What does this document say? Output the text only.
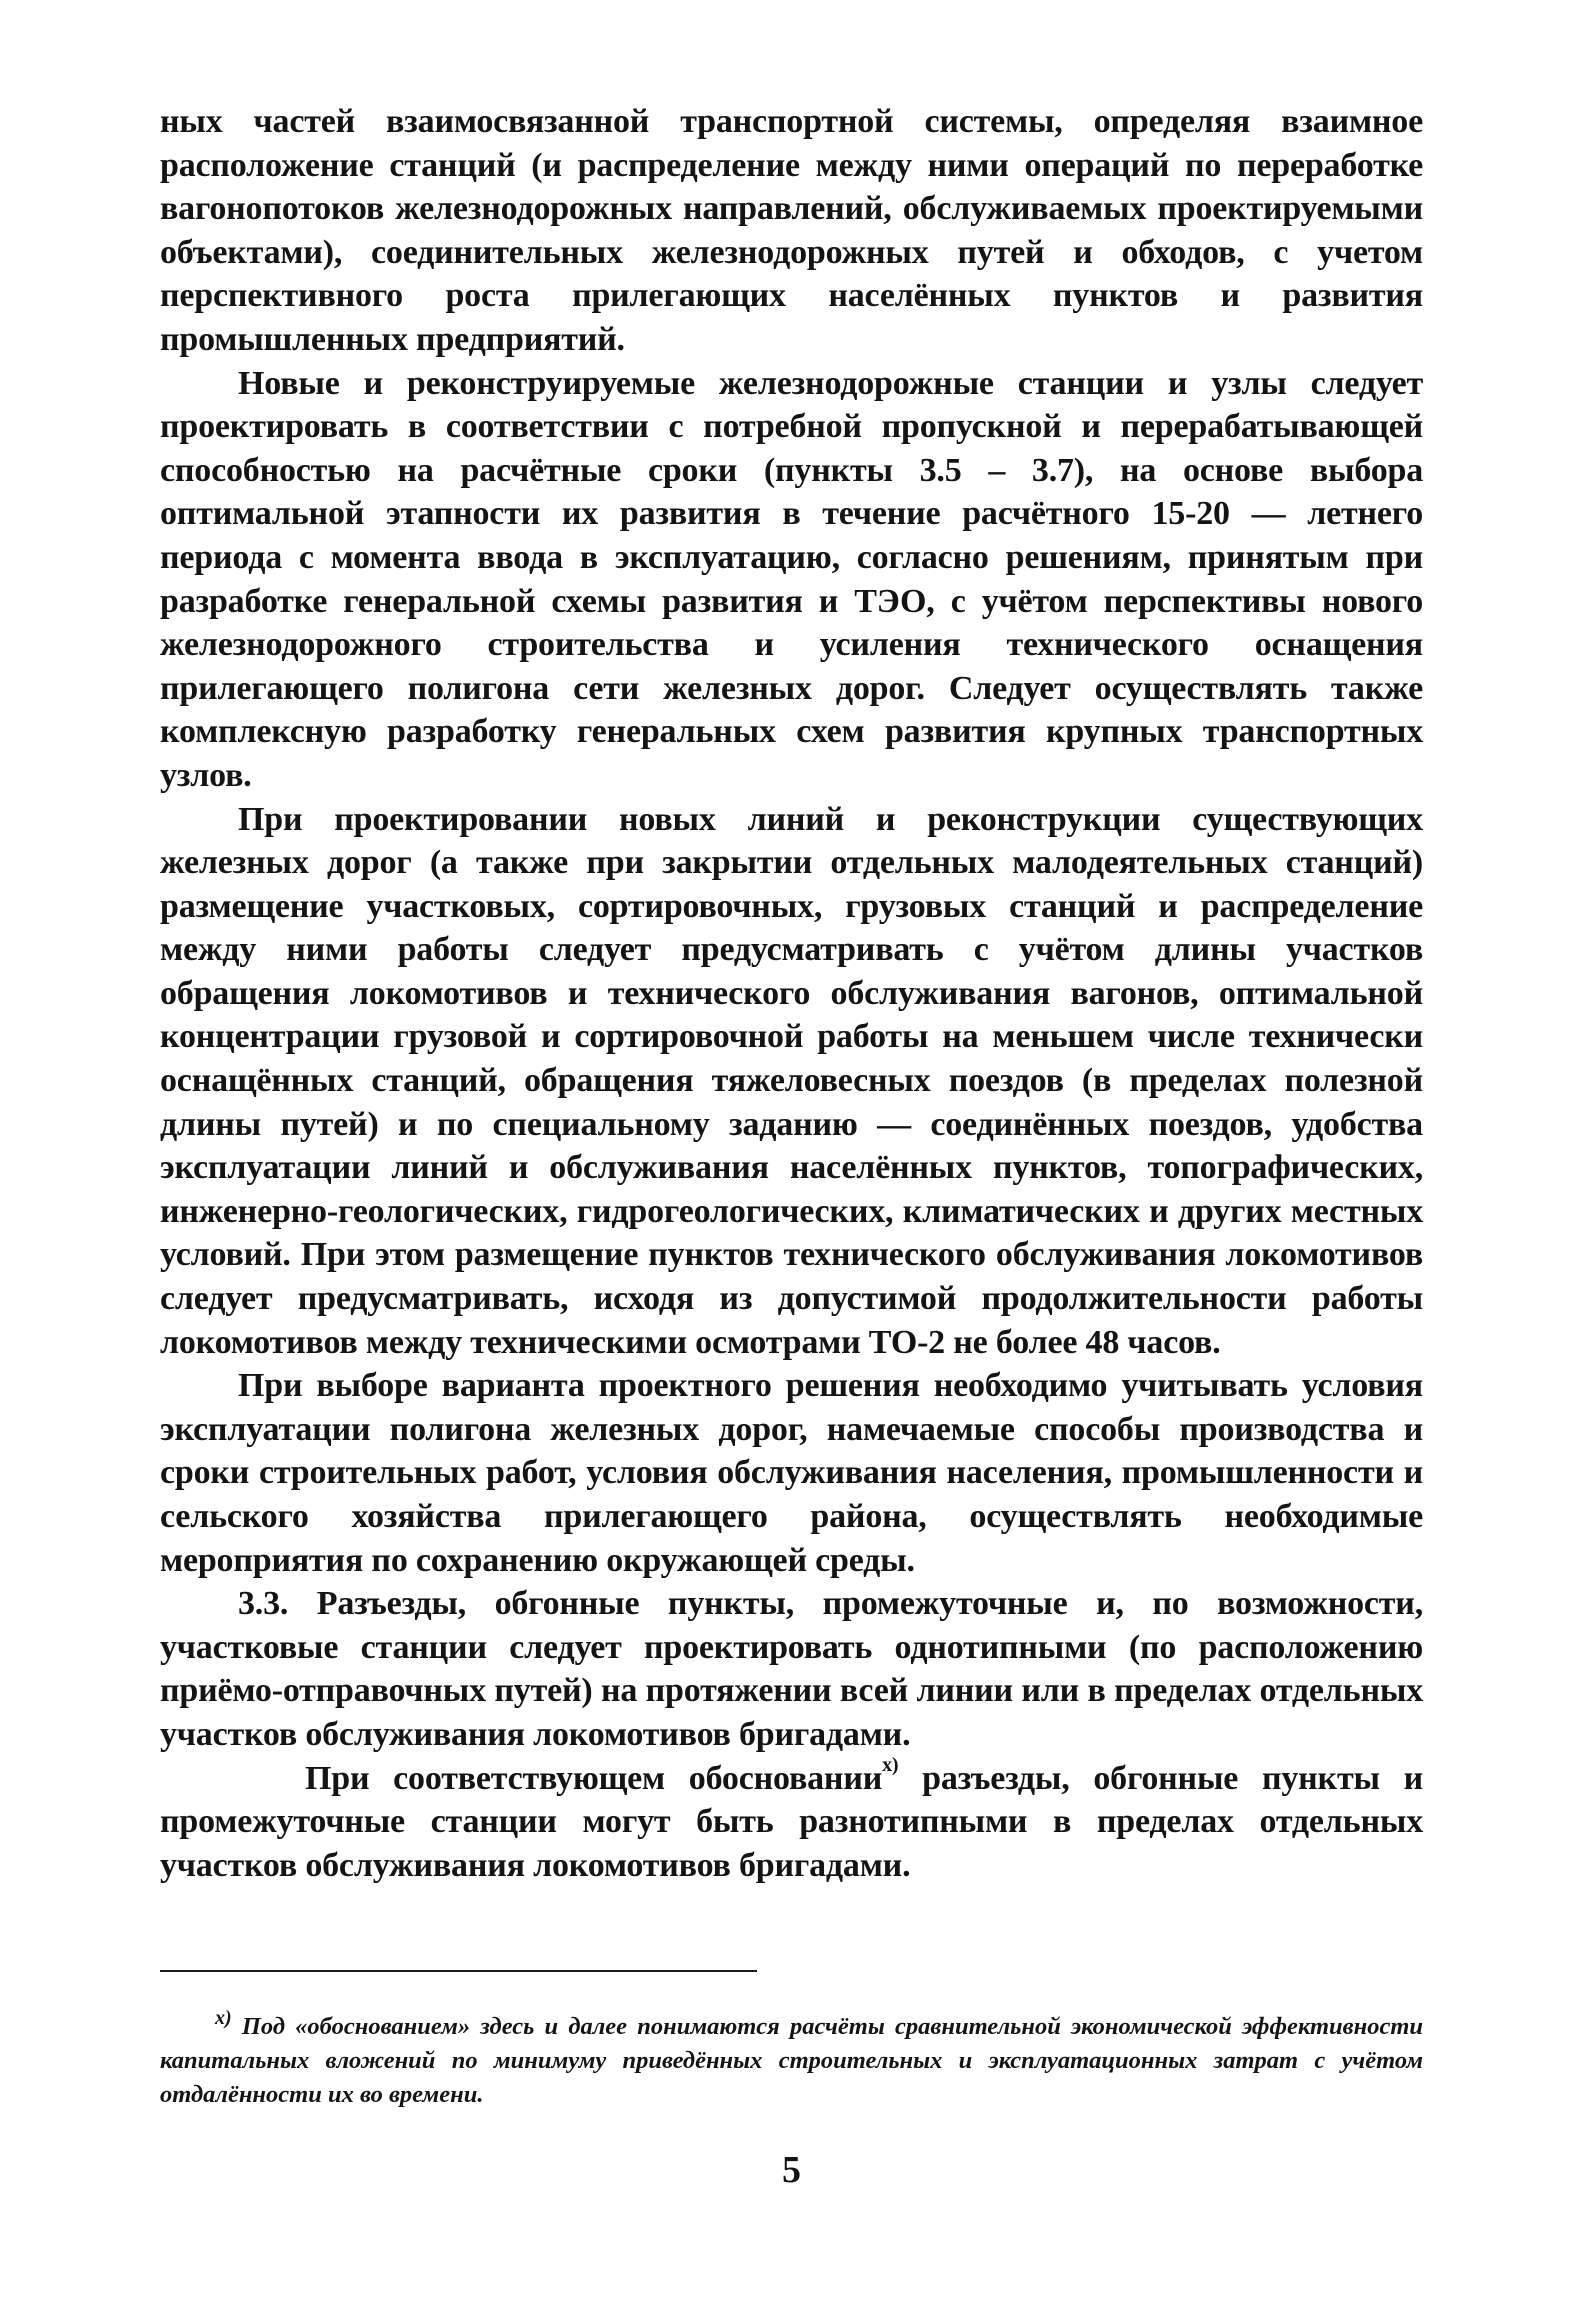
ных частей взаимосвязанной транспортной системы, определяя взаимное расположение станций (и распределение между ними операций по переработке вагонопотоков железнодорожных направлений, обслуживаемых проектируемыми объектами), соединительных железнодорожных путей и обходов, с учетом перспективного роста прилегающих населённых пунктов и развития промышленных предприятий.

Новые и реконструируемые железнодорожные станции и узлы следует проектировать в соответствии с потребной пропускной и перерабатывающей способностью на расчётные сроки (пункты 3.5 – 3.7), на основе выбора оптимальной этапности их развития в течение расчётного 15-20 — летнего периода с момента ввода в эксплуатацию, согласно решениям, принятым при разработке генеральной схемы развития и ТЭО, с учётом перспективы нового железнодорожного строительства и усиления технического оснащения прилегающего полигона сети железных дорог. Следует осуществлять также комплексную разработку генеральных схем развития крупных транспортных узлов.

При проектировании новых линий и реконструкции существующих железных дорог (а также при закрытии отдельных малодеятельных станций) размещение участковых, сортировочных, грузовых станций и распределение между ними работы следует предусматривать с учётом длины участков обращения локомотивов и технического обслуживания вагонов, оптимальной концентрации грузовой и сортировочной работы на меньшем числе технически оснащённых станций, обращения тяжеловесных поездов (в пределах полезной длины путей) и по специальному заданию — соединённых поездов, удобства эксплуатации линий и обслуживания населённых пунктов, топографических, инженерно-геологических, гидрогеологических, климатических и других местных условий. При этом размещение пунктов технического обслуживания локомотивов следует предусматривать, исходя из допустимой продолжительности работы локомотивов между техническими осмотрами ТО-2 не более 48 часов.

При выборе варианта проектного решения необходимо учитывать условия эксплуатации полигона железных дорог, намечаемые способы производства и сроки строительных работ, условия обслуживания населения, промышленности и сельского хозяйства прилегающего района, осуществлять необходимые мероприятия по сохранению окружающей среды.

3.3. Разъезды, обгонные пункты, промежуточные и, по возможности, участковые станции следует проектировать однотипными (по расположению приёмо-отправочных путей) на протяжении всей линии или в пределах отдельных участков обслуживания локомотивов бригадами.

При соответствующем обосновании$^{х)}$ разъезды, обгонные пункты и промежуточные станции могут быть разнотипными в пределах отдельных участков обслуживания локомотивов бригадами.

$^{х)}$ Под «обоснованием» здесь и далее понимаются расчёты сравнительной экономической эффективности капитальных вложений по минимуму приведённых строительных и эксплуатационных затрат с учётом отдалённости их во времени.

5
